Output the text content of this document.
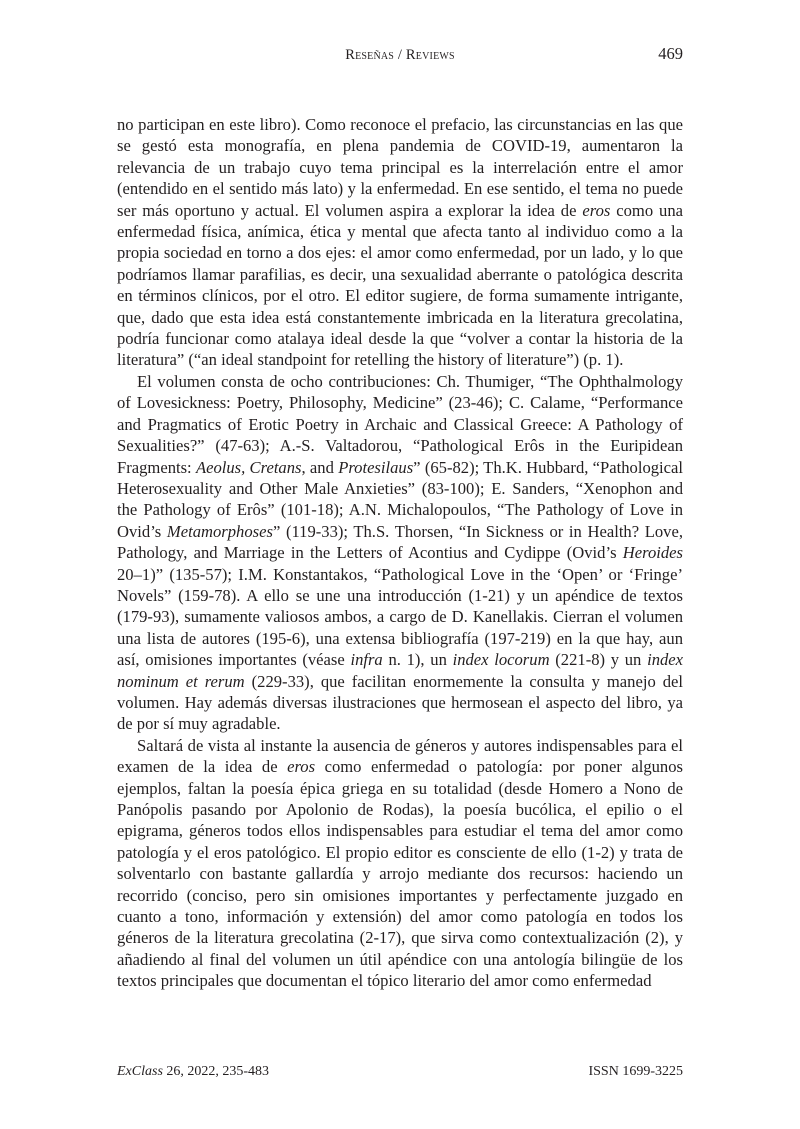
Reseñas / Reviews	469

no participan en este libro). Como reconoce el prefacio, las circunstancias en las que se gestó esta monografía, en plena pandemia de COVID-19, aumentaron la relevancia de un trabajo cuyo tema principal es la interrelación entre el amor (entendido en el sentido más lato) y la enfermedad. En ese sentido, el tema no puede ser más oportuno y actual. El volumen aspira a explorar la idea de eros como una enfermedad física, anímica, ética y mental que afecta tanto al individuo como a la propia sociedad en torno a dos ejes: el amor como enfermedad, por un lado, y lo que podríamos llamar parafilias, es decir, una sexualidad aberrante o patológica descrita en términos clínicos, por el otro. El editor sugiere, de forma sumamente intrigante, que, dado que esta idea está constantemente imbricada en la literatura grecolatina, podría funcionar como atalaya ideal desde la que “volver a contar la historia de la literatura” (“an ideal standpoint for retelling the history of literature”) (p. 1).

El volumen consta de ocho contribuciones: Ch. Thumiger, “The Ophthalmology of Lovesickness: Poetry, Philosophy, Medicine” (23-46); C. Calame, “Performance and Pragmatics of Erotic Poetry in Archaic and Classical Greece: A Pathology of Sexualities?” (47-63); A.-S. Valtadorou, “Pathological Erôs in the Euripidean Fragments: Aeolus, Cretans, and Protesilaus” (65-82); Th.K. Hubbard, “Pathological Heterosexuality and Other Male Anxieties” (83-100); E. Sanders, “Xenophon and the Pathology of Erôs” (101-18); A.N. Michalopoulos, “The Pathology of Love in Ovid’s Metamorphoses” (119-33); Th.S. Thorsen, “In Sickness or in Health? Love, Pathology, and Marriage in the Letters of Acontius and Cydippe (Ovid’s Heroides 20–1)” (135-57); I.M. Konstantakos, “Pathological Love in the ‘Open’ or ‘Fringe’ Novels” (159-78). A ello se une una introducción (1-21) y un apéndice de textos (179-93), sumamente valiosos ambos, a cargo de D. Kanellakis. Cierran el volumen una lista de autores (195-6), una extensa bibliografía (197-219) en la que hay, aun así, omisiones importantes (véase infra n. 1), un index locorum (221-8) y un index nominum et rerum (229-33), que facilitan enormemente la consulta y manejo del volumen. Hay además diversas ilustraciones que hermosean el aspecto del libro, ya de por sí muy agradable.

Saltará de vista al instante la ausencia de géneros y autores indispensables para el examen de la idea de eros como enfermedad o patología: por poner algunos ejemplos, faltan la poesía épica griega en su totalidad (desde Homero a Nono de Panópolis pasando por Apolonio de Rodas), la poesía bucólica, el epilio o el epigrama, géneros todos ellos indispensables para estudiar el tema del amor como patología y el eros patológico. El propio editor es consciente de ello (1-2) y trata de solventarlo con bastante gallardía y arrojo mediante dos recursos: haciendo un recorrido (conciso, pero sin omisiones importantes y perfectamente juzgado en cuanto a tono, información y extensión) del amor como patología en todos los géneros de la literatura grecolatina (2-17), que sirva como contextualización (2), y añadiendo al final del volumen un útil apéndice con una antología bilingüe de los textos principales que documentan el tópico literario del amor como enfermedad

ExClass 26, 2022, 235-483	ISSN 1699-3225
